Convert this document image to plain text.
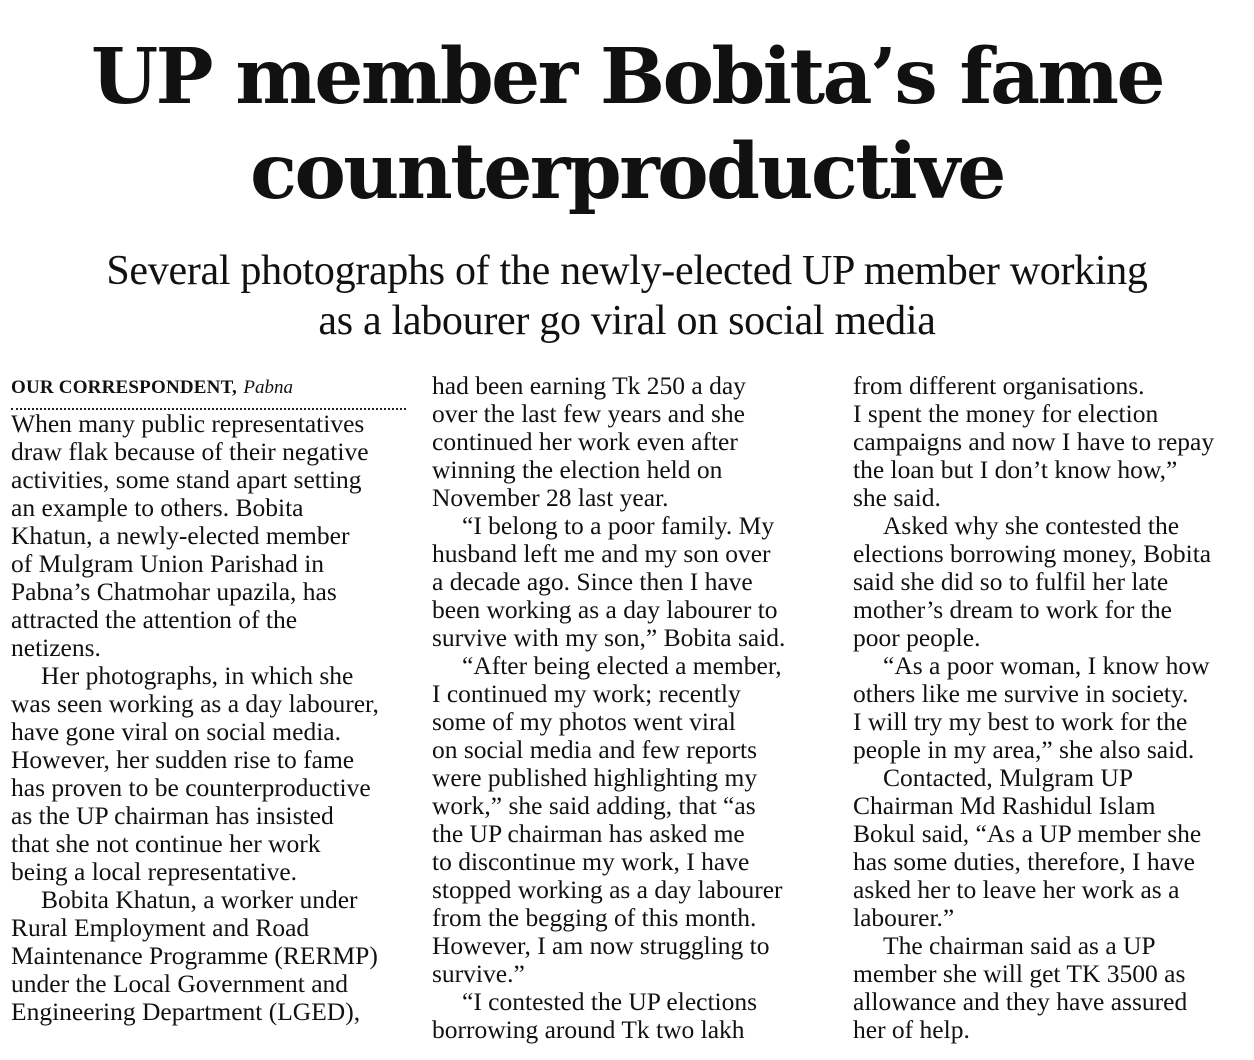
UP member Bobita’s fame
counterproductive
Several photographs of the newly-elected UP member working
as a labourer go viral on social media

OUR CORRESPONDENT, Pabna

When many public representatives

draw flak because of their negative

activities, some stand apart setting

an example to others. Bobita

Khatun, a newly-elected member

of Mulgram Union Parishad in

Pabna’s Chatmohar upazila, has

attracted the attention of the

netizens.

Her photographs, in which she

was seen working as a day labourer,

have gone viral on social media.

However, her sudden rise to fame

has proven to be counterproductive

as the UP chairman has insisted

that she not continue her work

being a local representative.

Bobita Khatun, a worker under

Rural Employment and Road

Maintenance Programme (RERMP)

under the Local Government and

Engineering Department (LGED),

had been earning Tk 250 a day

over the last few years and she

continued her work even after

winning the election held on

November 28 last year.

“I belong to a poor family. My

husband left me and my son over

a decade ago. Since then I have

been working as a day labourer to

survive with my son,” Bobita said.

“After being elected a member,

I continued my work; recently

some of my photos went viral

on social media and few reports

were published highlighting my

work,” she said adding, that “as

the UP chairman has asked me

to discontinue my work, I have

stopped working as a day labourer

from the begging of this month.

However, I am now struggling to

survive.”

“I contested the UP elections

borrowing around Tk two lakh

from different organisations.

I spent the money for election

campaigns and now I have to repay

the loan but I don’t know how,”

she said.

Asked why she contested the

elections borrowing money, Bobita

said she did so to fulfil her late

mother’s dream to work for the

poor people.

“As a poor woman, I know how

others like me survive in society.

I will try my best to work for the

people in my area,” she also said.

Contacted, Mulgram UP

Chairman Md Rashidul Islam

Bokul said, “As a UP member she

has some duties, therefore, I have

asked her to leave her work as a

labourer.”

The chairman said as a UP

member she will get TK 3500 as

allowance and they have assured

her of help.
